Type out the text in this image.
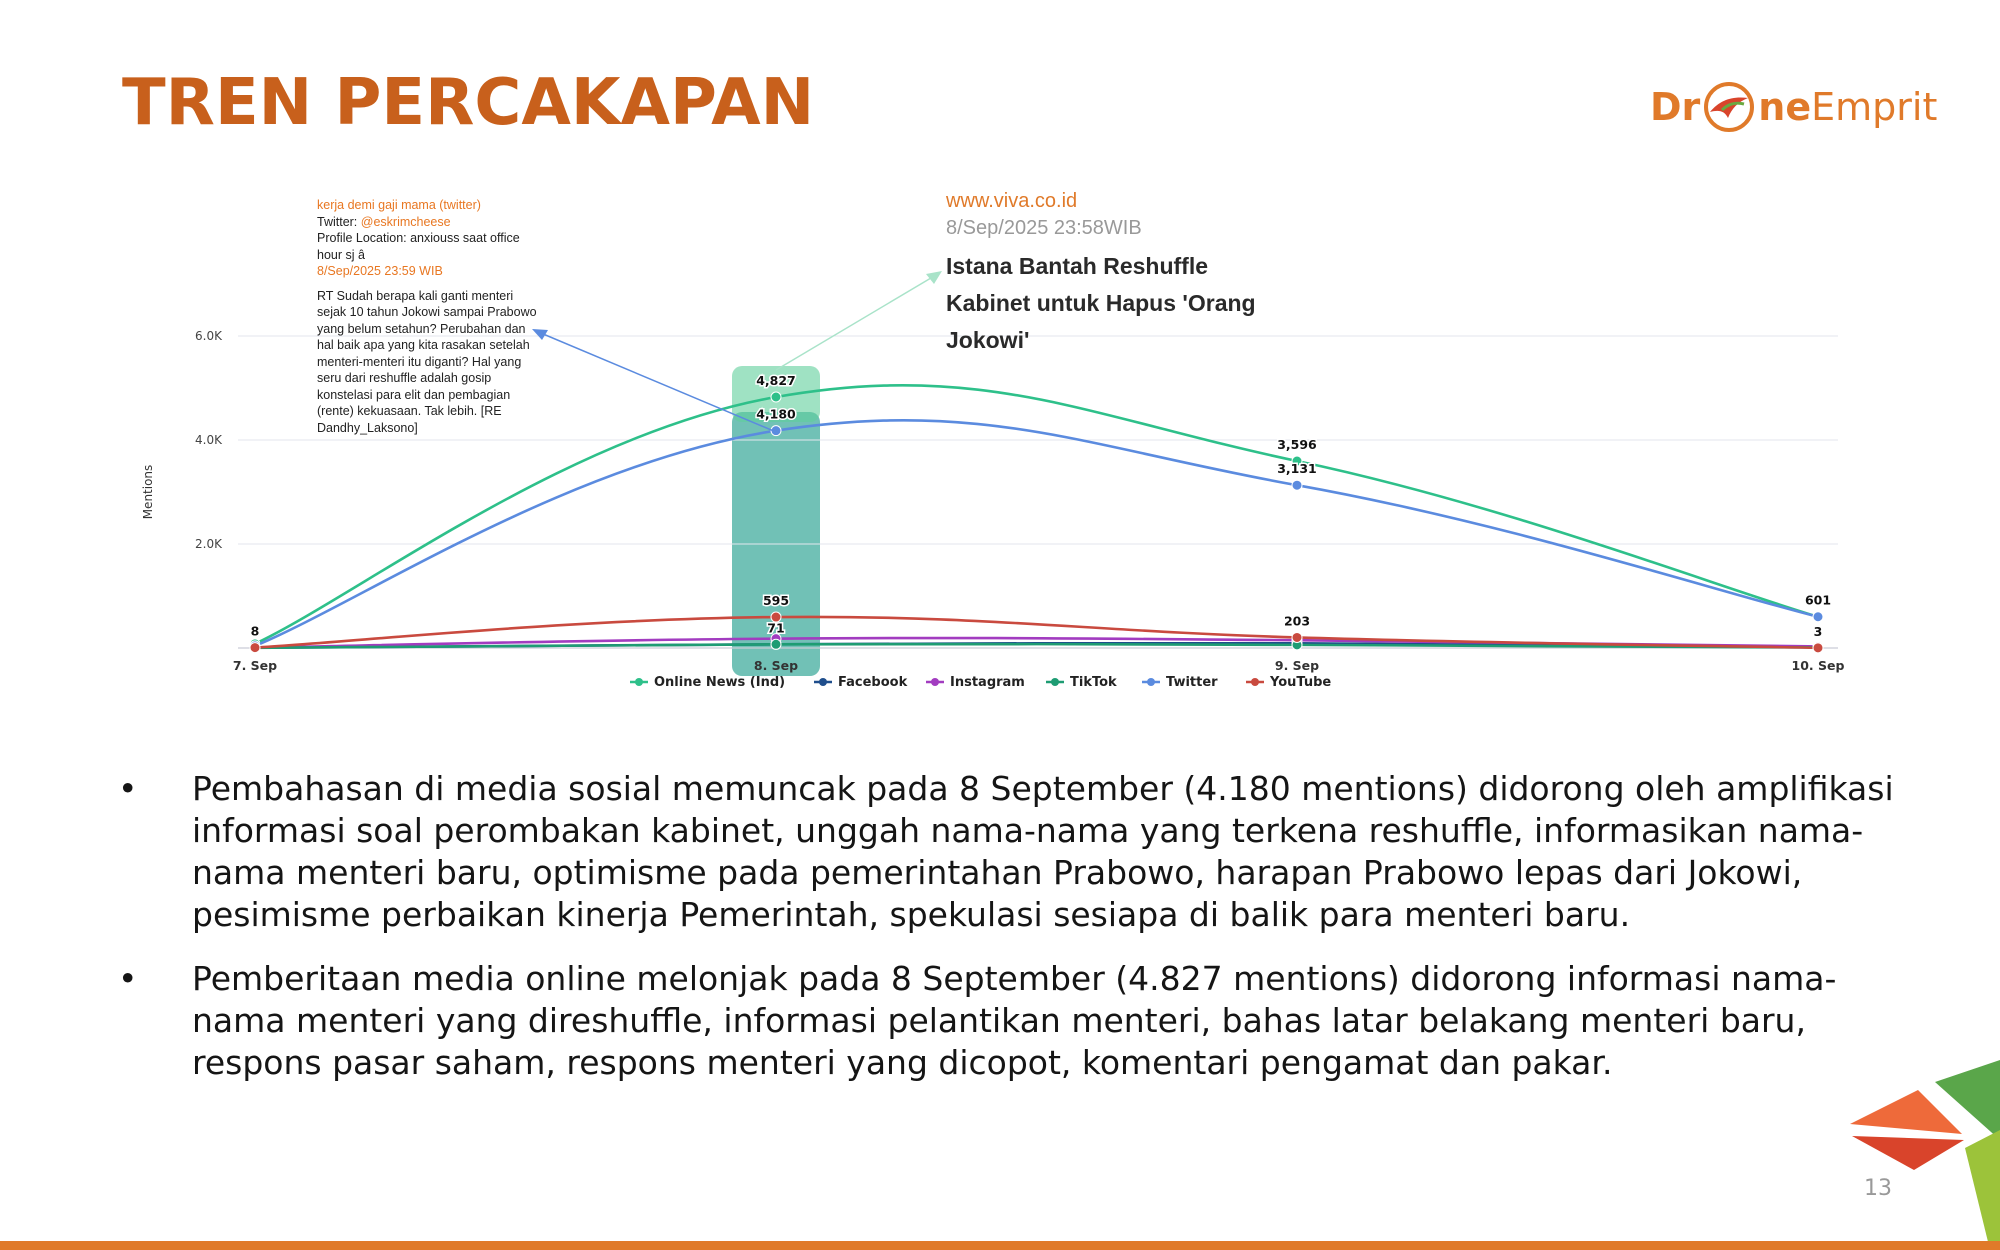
TREN PERCAKAPAN	Dr ne Emprit
2.0K
4.0K
6.0K
7. Sep	8. Sep	9. Sep	10. Sep
8
4,827
4,180
595
71
3,596
3,131
203
601
3
Online News (Ind)	Facebook	Instagram	TikTok	Twitter	YouTube
Mentions
kerja demi gaji mama (twitter)
Twitter: @eskrimcheese
Profile Location: anxiouss saat office hour sj â
8/Sep/2025 23:59 WIB
RT Sudah berapa kali ganti menteri sejak 10 tahun Jokowi sampai Prabowo yang belum setahun? Perubahan dan hal baik apa yang kita rasakan setelah menteri-menteri itu diganti? Hal yang seru dari reshuffle adalah gosip konstelasi para elit dan pembagian (rente) kekuasaan. Tak lebih. [RE Dandhy_Laksono]
www.viva.co.id
8/Sep/2025 23:58WIB
Istana Bantah Reshuffle Kabinet untuk Hapus 'Orang Jokowi'
• Pembahasan di media sosial memuncak pada 8 September (4.180 mentions) didorong oleh amplifikasi informasi soal perombakan kabinet, unggah nama-nama yang terkena reshuffle, informasikan nama-nama menteri baru, optimisme pada pemerintahan Prabowo, harapan Prabowo lepas dari Jokowi, pesimisme perbaikan kinerja Pemerintah, spekulasi sesiapa di balik para menteri baru.
• Pemberitaan media online melonjak pada 8 September (4.827 mentions) didorong informasi nama-nama menteri yang direshuffle, informasi pelantikan menteri, bahas latar belakang menteri baru, respons pasar saham, respons menteri yang dicopot, komentari pengamat dan pakar.
13
